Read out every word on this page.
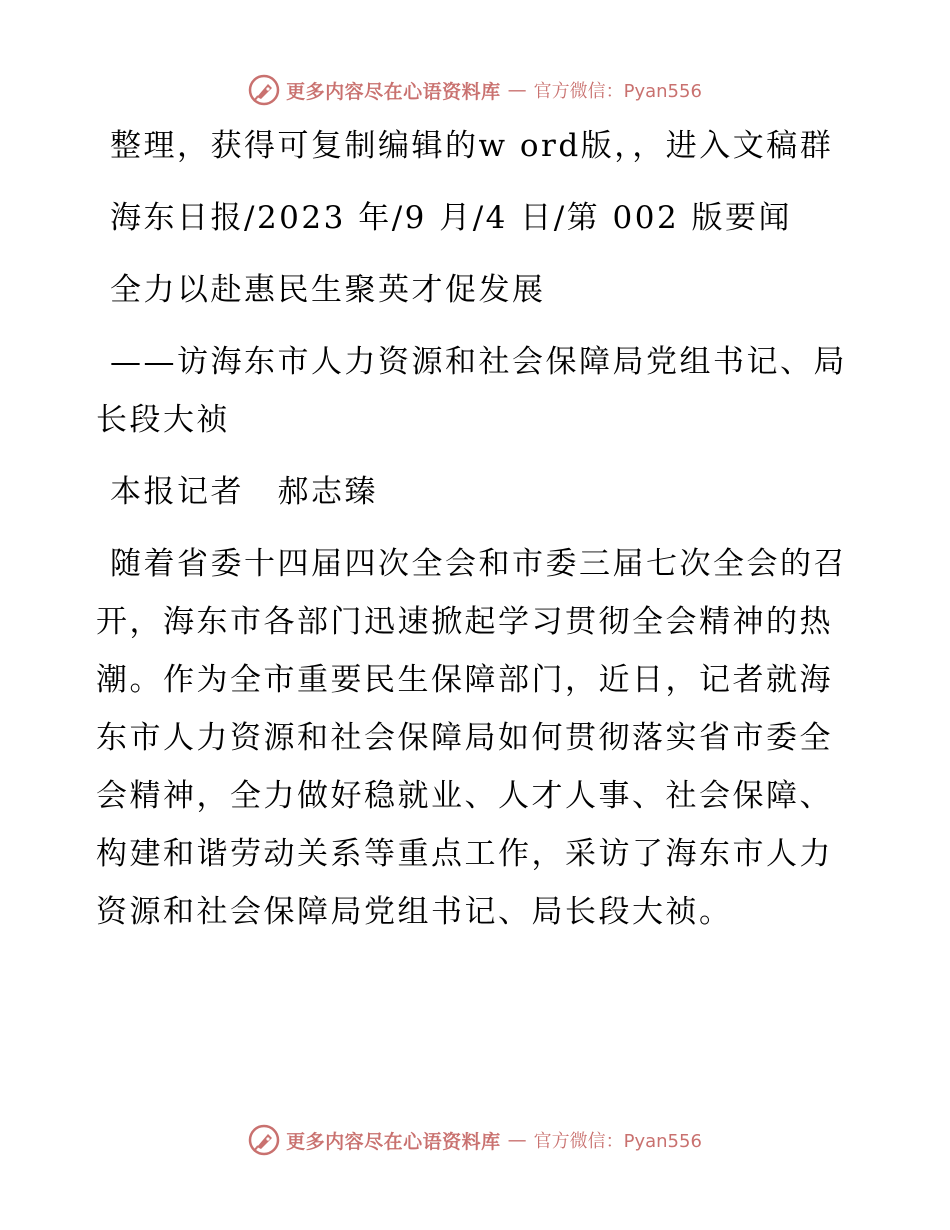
更多内容尽在心语资料库 — 官方微信：Pyan556

整理，获得可复制编辑的w ord版，，进入文稿群

海东日报/2023 年/9 月/4 日/第 002 版要闻

全力以赴惠民生聚英才促发展

——访海东市人力资源和社会保障局党组书记、局长段大祯

本报记者　郝志臻

随着省委十四届四次全会和市委三届七次全会的召开，海东市各部门迅速掀起学习贯彻全会精神的热潮。作为全市重要民生保障部门，近日，记者就海东市人力资源和社会保障局如何贯彻落实省市委全会精神，全力做好稳就业、人才人事、社会保障、构建和谐劳动关系等重点工作，采访了海东市人力资源和社会保障局党组书记、局长段大祯。

更多内容尽在心语资料库 — 官方微信：Pyan556
